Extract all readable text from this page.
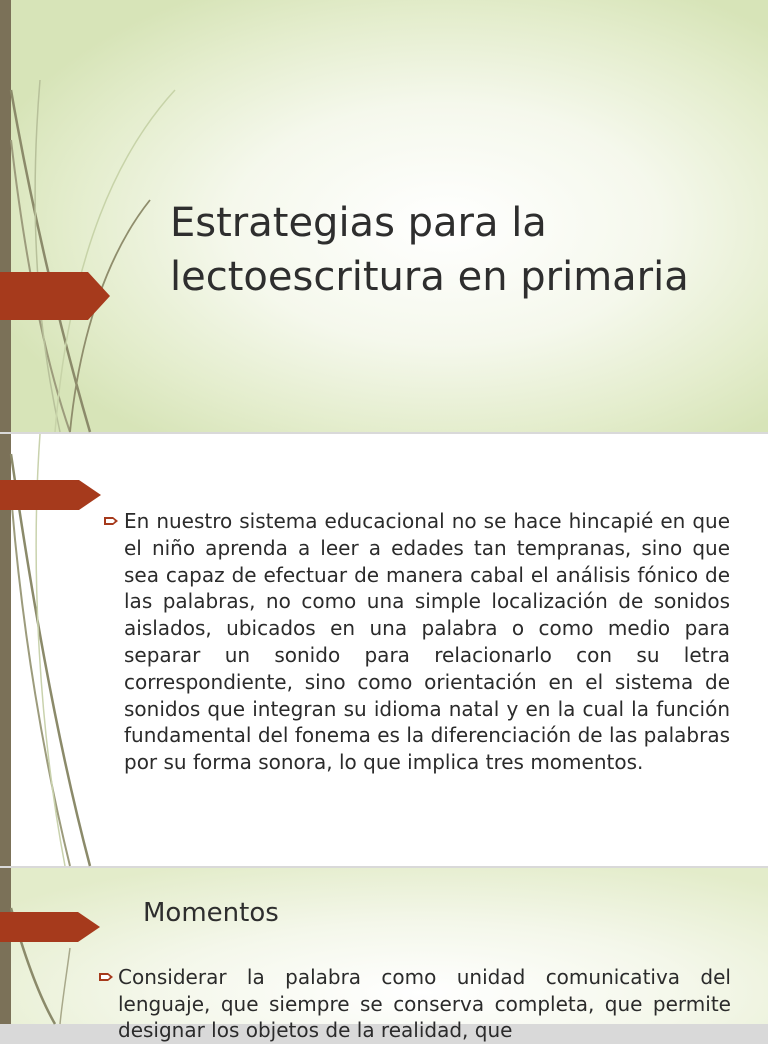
Estrategias para la
lectoescritura en primaria
En nuestro sistema educacional no se hace hincapié en que el niño aprenda a leer a edades tan tempranas, sino que sea capaz de efectuar de manera cabal el análisis fónico de las palabras, no como una simple localización de sonidos aislados, ubicados en una palabra o como medio para separar un sonido para relacionarlo con su letra correspondiente, sino como orientación en el sistema de sonidos que integran su idioma natal y en la cual la función fundamental del fonema es la diferenciación de las palabras por su forma sonora, lo que implica tres momentos.
Momentos
Considerar la palabra como unidad comunicativa del lenguaje, que siempre se conserva completa, que permite designar los objetos de la realidad, que
